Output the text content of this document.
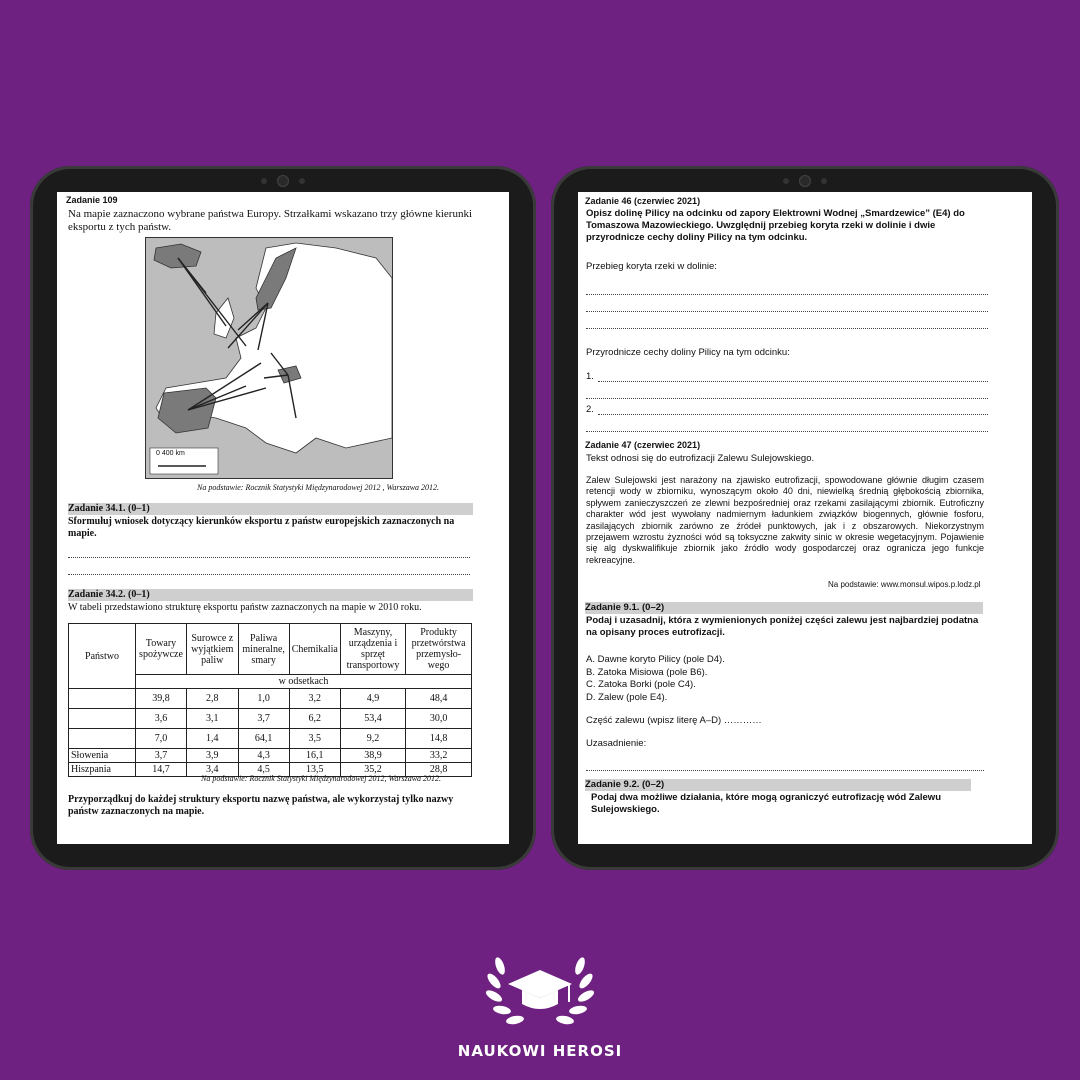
Zadanie 109
Na mapie zaznaczono wybrane państwa Europy. Strzałkami wskazano trzy główne kierunki eksportu z tych państw.
0 400 km
Na podstawie: Rocznik Statystyki Międzynarodowej 2012 , Warszawa 2012.
Zadanie 34.1. (0–1)
Sformułuj wniosek dotyczący kierunków eksportu z państw europejskich zaznaczonych na mapie.
Zadanie 34.2. (0–1)
W tabeli przedstawiono strukturę eksportu państw zaznaczonych na mapie w 2010 roku.
Państwo	Towary spożywcze	Surowce z wyjątkiem paliw	Paliwa mineralne, smary	Chemikalia	Maszyny, urządzenia i sprzęt transportowy	Produkty przetwórstwa przemysło-wego
	w odsetkach					
	39,8	2,8	1,0	3,2	4,9	48,4
	3,6	3,1	3,7	6,2	53,4	30,0
	7,0	1,4	64,1	3,5	9,2	14,8
Słowenia	3,7	3,9	4,3	16,1	38,9	33,2
Hiszpania	14,7	3,4	4,5	13,5	35,2	28,8
Na podstawie: Rocznik Statystyki Międzynarodowej 2012, Warszawa 2012.
Przyporządkuj do każdej struktury eksportu nazwę państwa, ale wykorzystaj tylko nazwy państw zaznaczonych na mapie.
Zadanie 46 (czerwiec 2021)
Opisz dolinę Pilicy na odcinku od zapory Elektrowni Wodnej „Smardzewice” (E4) do Tomaszowa Mazowieckiego. Uwzględnij przebieg koryta rzeki w dolinie i dwie przyrodnicze cechy doliny Pilicy na tym odcinku.
Przebieg koryta rzeki w dolinie:
Przyrodnicze cechy doliny Pilicy na tym odcinku:
1.
2.
Zadanie 47 (czerwiec 2021)
Tekst odnosi się do eutrofizacji Zalewu Sulejowskiego.
Zalew Sulejowski jest narażony na zjawisko eutrofizacji, spowodowane głównie długim czasem retencji wody w zbiorniku, wynoszącym około 40 dni, niewielką średnią głębokością zbiornika, spływem zanieczyszczeń ze zlewni bezpośredniej oraz rzekami zasilającymi zbiornik. Eutroficzny charakter wód jest wywołany nadmiernym ładunkiem związków biogennych, głównie fosforu, zasilających zbiornik zarówno ze źródeł punktowych, jak i z obszarowych. Niekorzystnym przejawem wzrostu żyzności wód są toksyczne zakwity sinic w okresie wegetacyjnym. Pojawienie się alg dyskwalifikuje zbiornik jako źródło wody gospodarczej oraz ogranicza jego funkcje rekreacyjne.
Na podstawie: www.monsul.wipos.p.lodz.pl
Zadanie 9.1. (0–2)
Podaj i uzasadnij, która z wymienionych poniżej części zalewu jest najbardziej podatna na opisany proces eutrofizacji.
A. Dawne koryto Pilicy (pole D4).
B. Zatoka Misiowa (pole B6).
C. Zatoka Borki (pole C4).
D. Zalew (pole E4).
Część zalewu (wpisz literę A–D) …………
Uzasadnienie:
Zadanie 9.2. (0–2)
Podaj dwa możliwe działania, które mogą ograniczyć eutrofizację wód Zalewu Sulejowskiego.
NAUKOWI HEROSI
